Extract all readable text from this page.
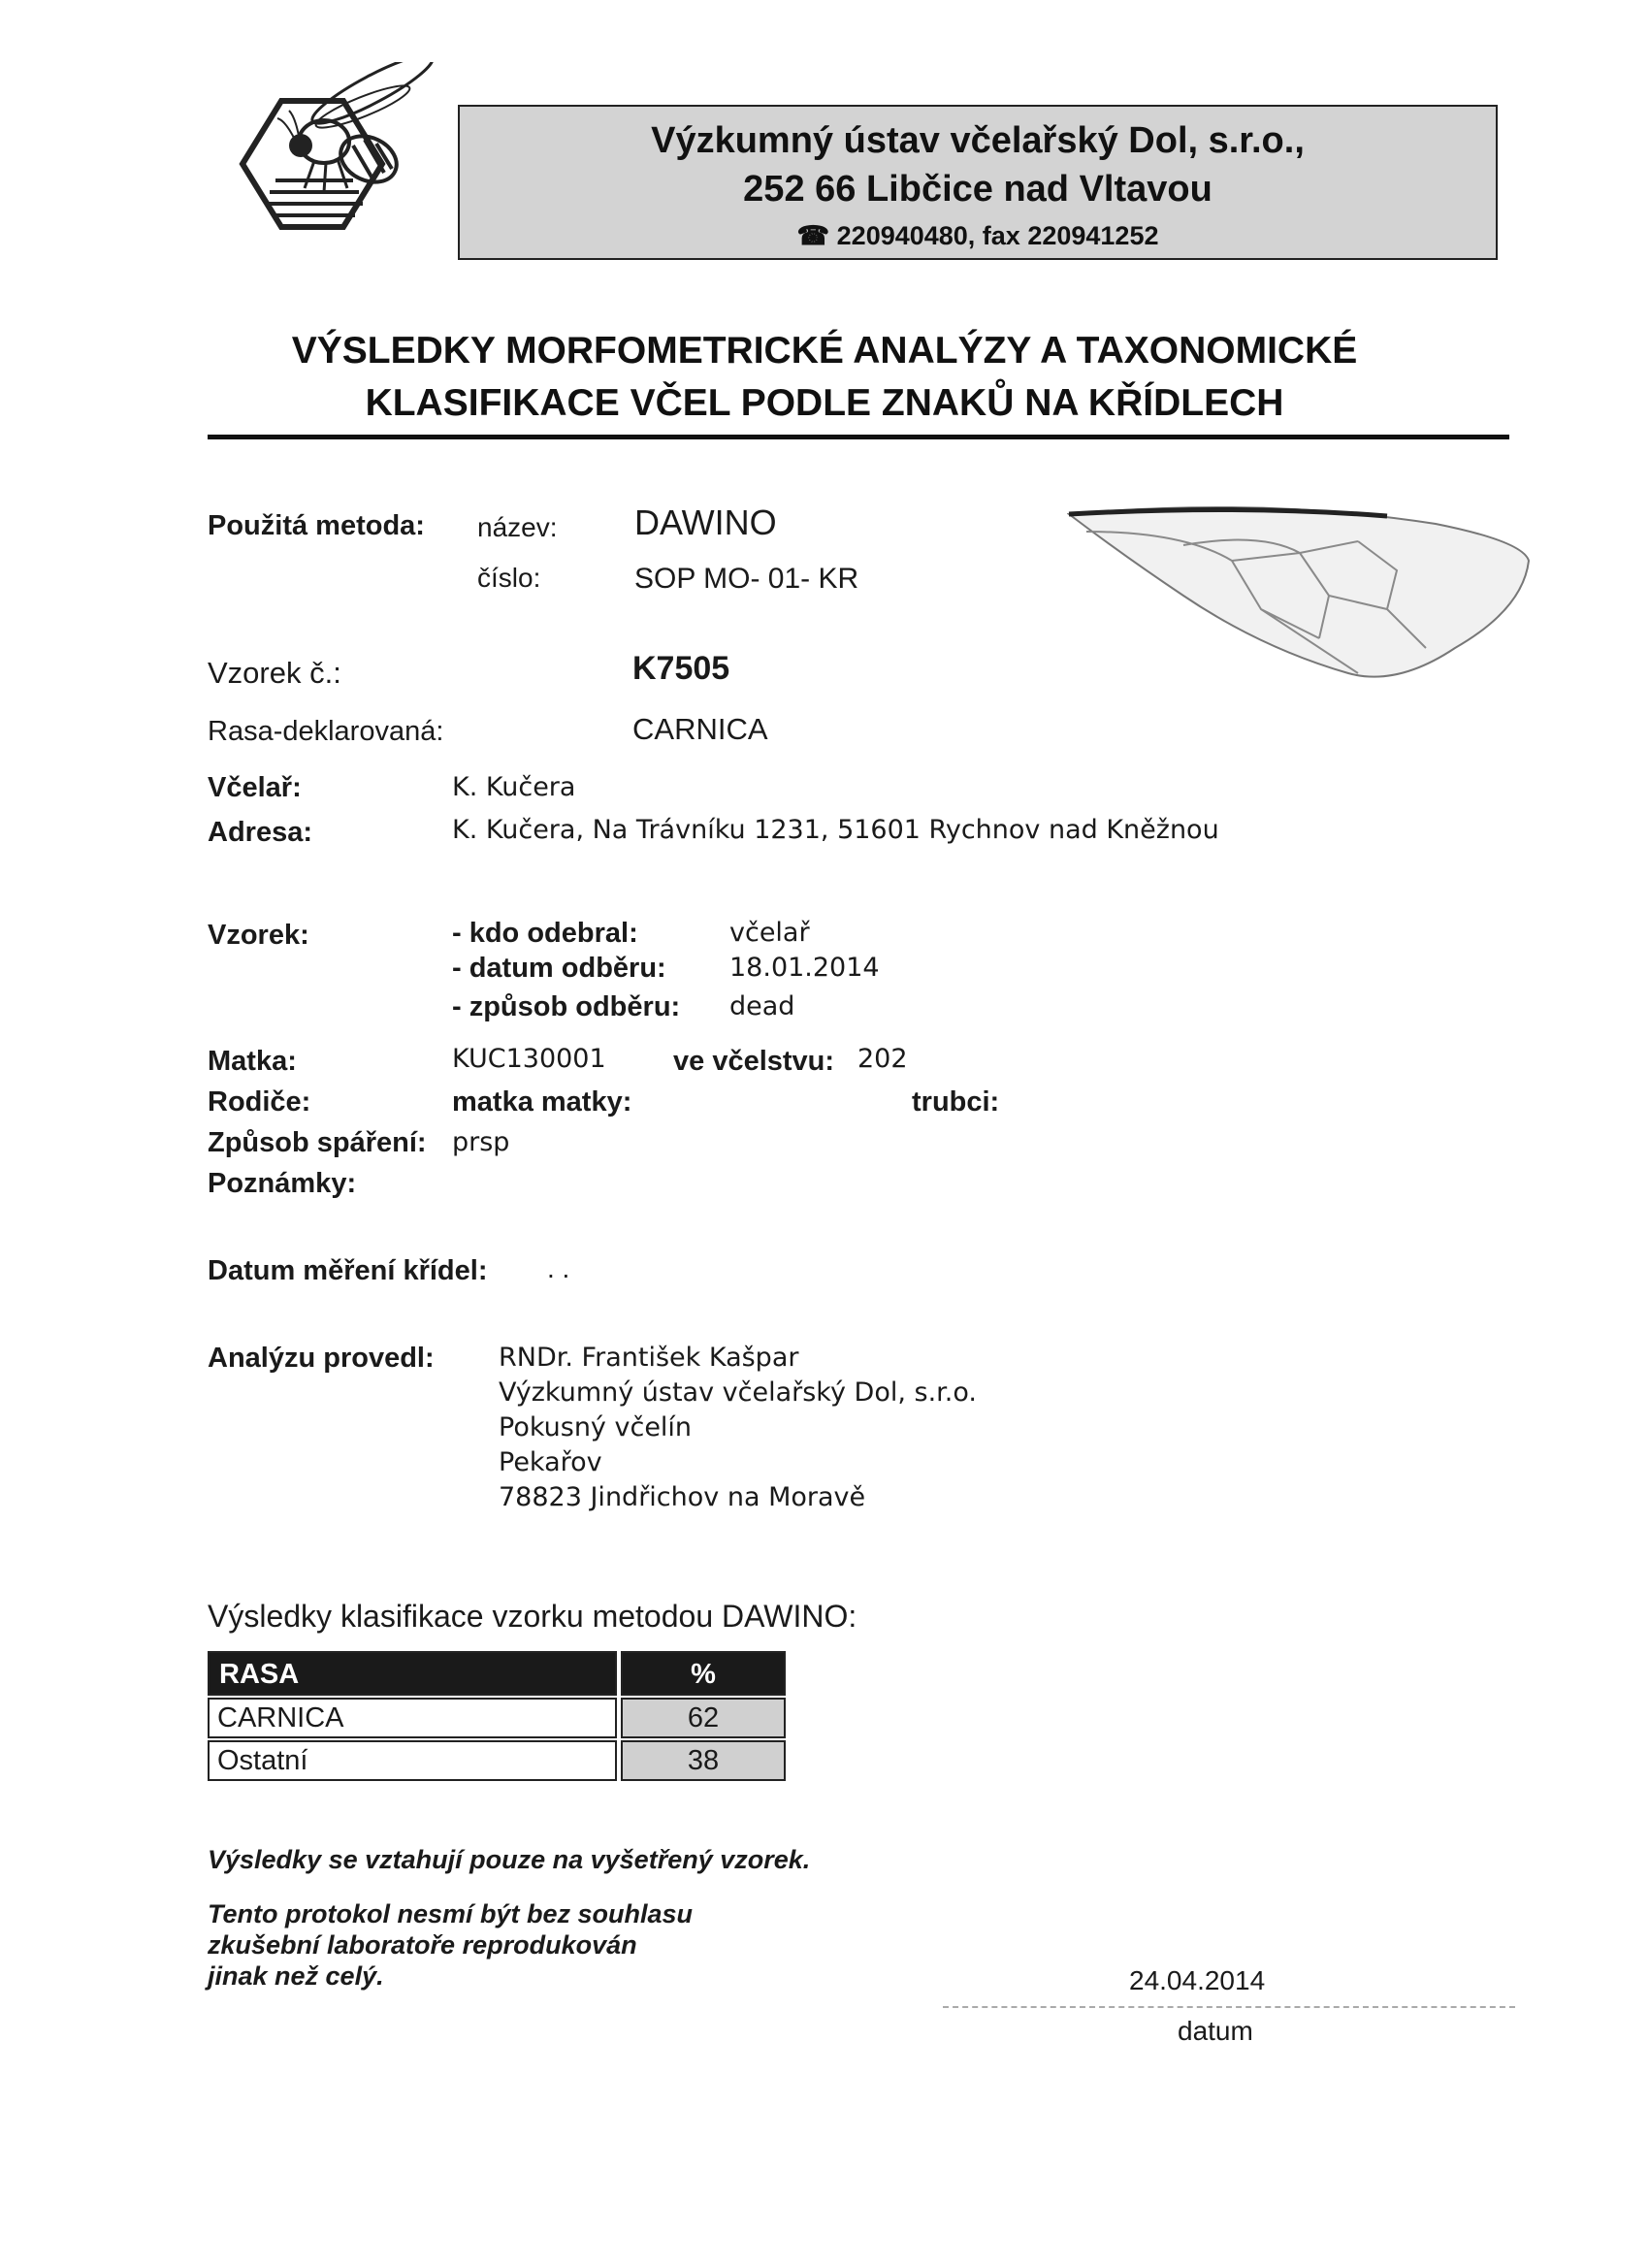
Výzkumný ústav včelařský Dol, s.r.o.,
252 66 Libčice nad Vltavou
☎ 220940480, fax 220941252
VÝSLEDKY MORFOMETRICKÉ ANALÝZY A TAXONOMICKÉ
KLASIFIKACE VČEL PODLE ZNAKŮ NA KŘÍDLECH
Použitá metoda: název: DAWINO
číslo:	SOP MO- 01- KR
Vzorek č.:	K7505
Rasa-deklarovaná:	CARNICA
Včelař:	K. Kučera
Adresa:	K. Kučera, Na Trávníku 1231, 51601 Rychnov nad Kněžnou
Vzorek:	- kdo odebral:	včelař
- datum odběru: 18.01.2014
- způsob odběru: dead
Matka:	KUC130001 ve včelstvu: 202
Rodiče:	matka matky:	trubci:
Způsob spáření: prsp
Poznámky:
Datum měření křídel: . .
Analýzu provedl: RNDr. František Kašpar
Výzkumný ústav včelařský Dol, s.r.o.
Pokusný včelín
Pekařov
78823 Jindřichov na Moravě
Výsledky klasifikace vzorku metodou DAWINO:
RASA	%
CARNICA	62
Ostatní	38
Výsledky se vztahují pouze na vyšetřený vzorek.
Tento protokol nesmí být bez souhlasu
zkušební laboratoře reprodukován
jinak než celý.	24.04.2014
datum
